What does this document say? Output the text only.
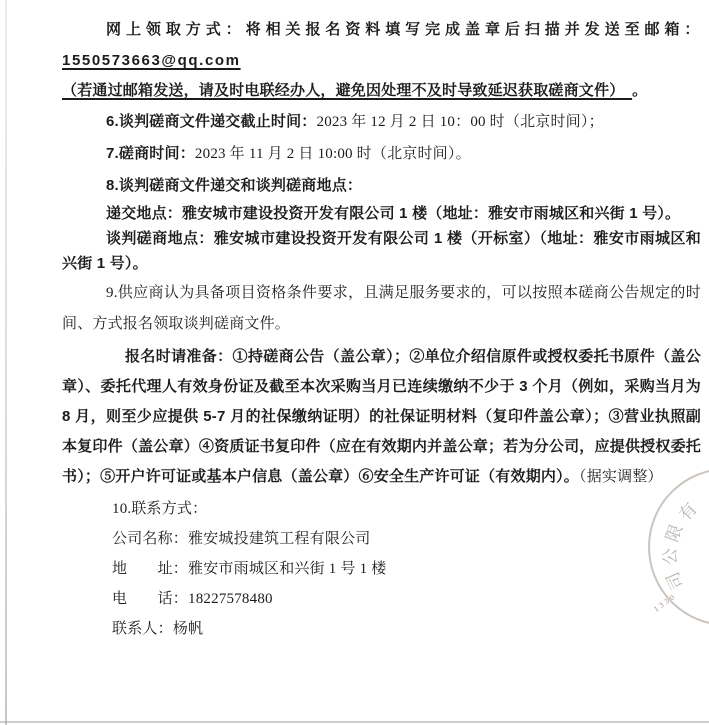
网上领取方式：将相关报名资料填写完成盖章后扫描并发送至邮箱：1550573663@qq.com

（若通过邮箱发送，请及时电联经办人，避免因处理不及时导致延迟获取磋商文件）　。

6.谈判磋商文件递交截止时间：2023 年 12 月 2 日 10：00 时（北京时间）；

7.磋商时间：2023 年 11 月 2 日 10:00 时（北京时间）。

8.谈判磋商文件递交和谈判磋商地点：

递交地点：雅安城市建设投资开发有限公司 1 楼（地址：雅安市雨城区和兴街 1 号）。

谈判磋商地点：雅安城市建设投资开发有限公司 1 楼（开标室）（地址：雅安市雨城区和兴街 1 号）。

9.供应商认为具备项目资格条件要求，且满足服务要求的，可以按照本磋商公告规定的时间、方式报名领取谈判磋商文件。

报名时请准备：①持磋商公告（盖公章）；②单位介绍信原件或授权委托书原件（盖公章）、委托代理人有效身份证及截至本次采购当月已连续缴纳不少于 3 个月（例如，采购当月为 8 月，则至少应提供 5-7 月的社保缴纳证明）的社保证明材料（复印件盖公章）；③营业执照副本复印件（盖公章）④资质证书复印件（应在有效期内并盖公章；若为分公司，应提供授权委托书）；⑤开户许可证或基本户信息（盖公章）⑥安全生产许可证（有效期内）。（据实调整）

10.联系方式：

公司名称：雅安城投建筑工程有限公司

地　　址：雅安市雨城区和兴街 1 号 1 楼

电　　话：18227578480

联系人：杨帆

有
限
公
司
1330
